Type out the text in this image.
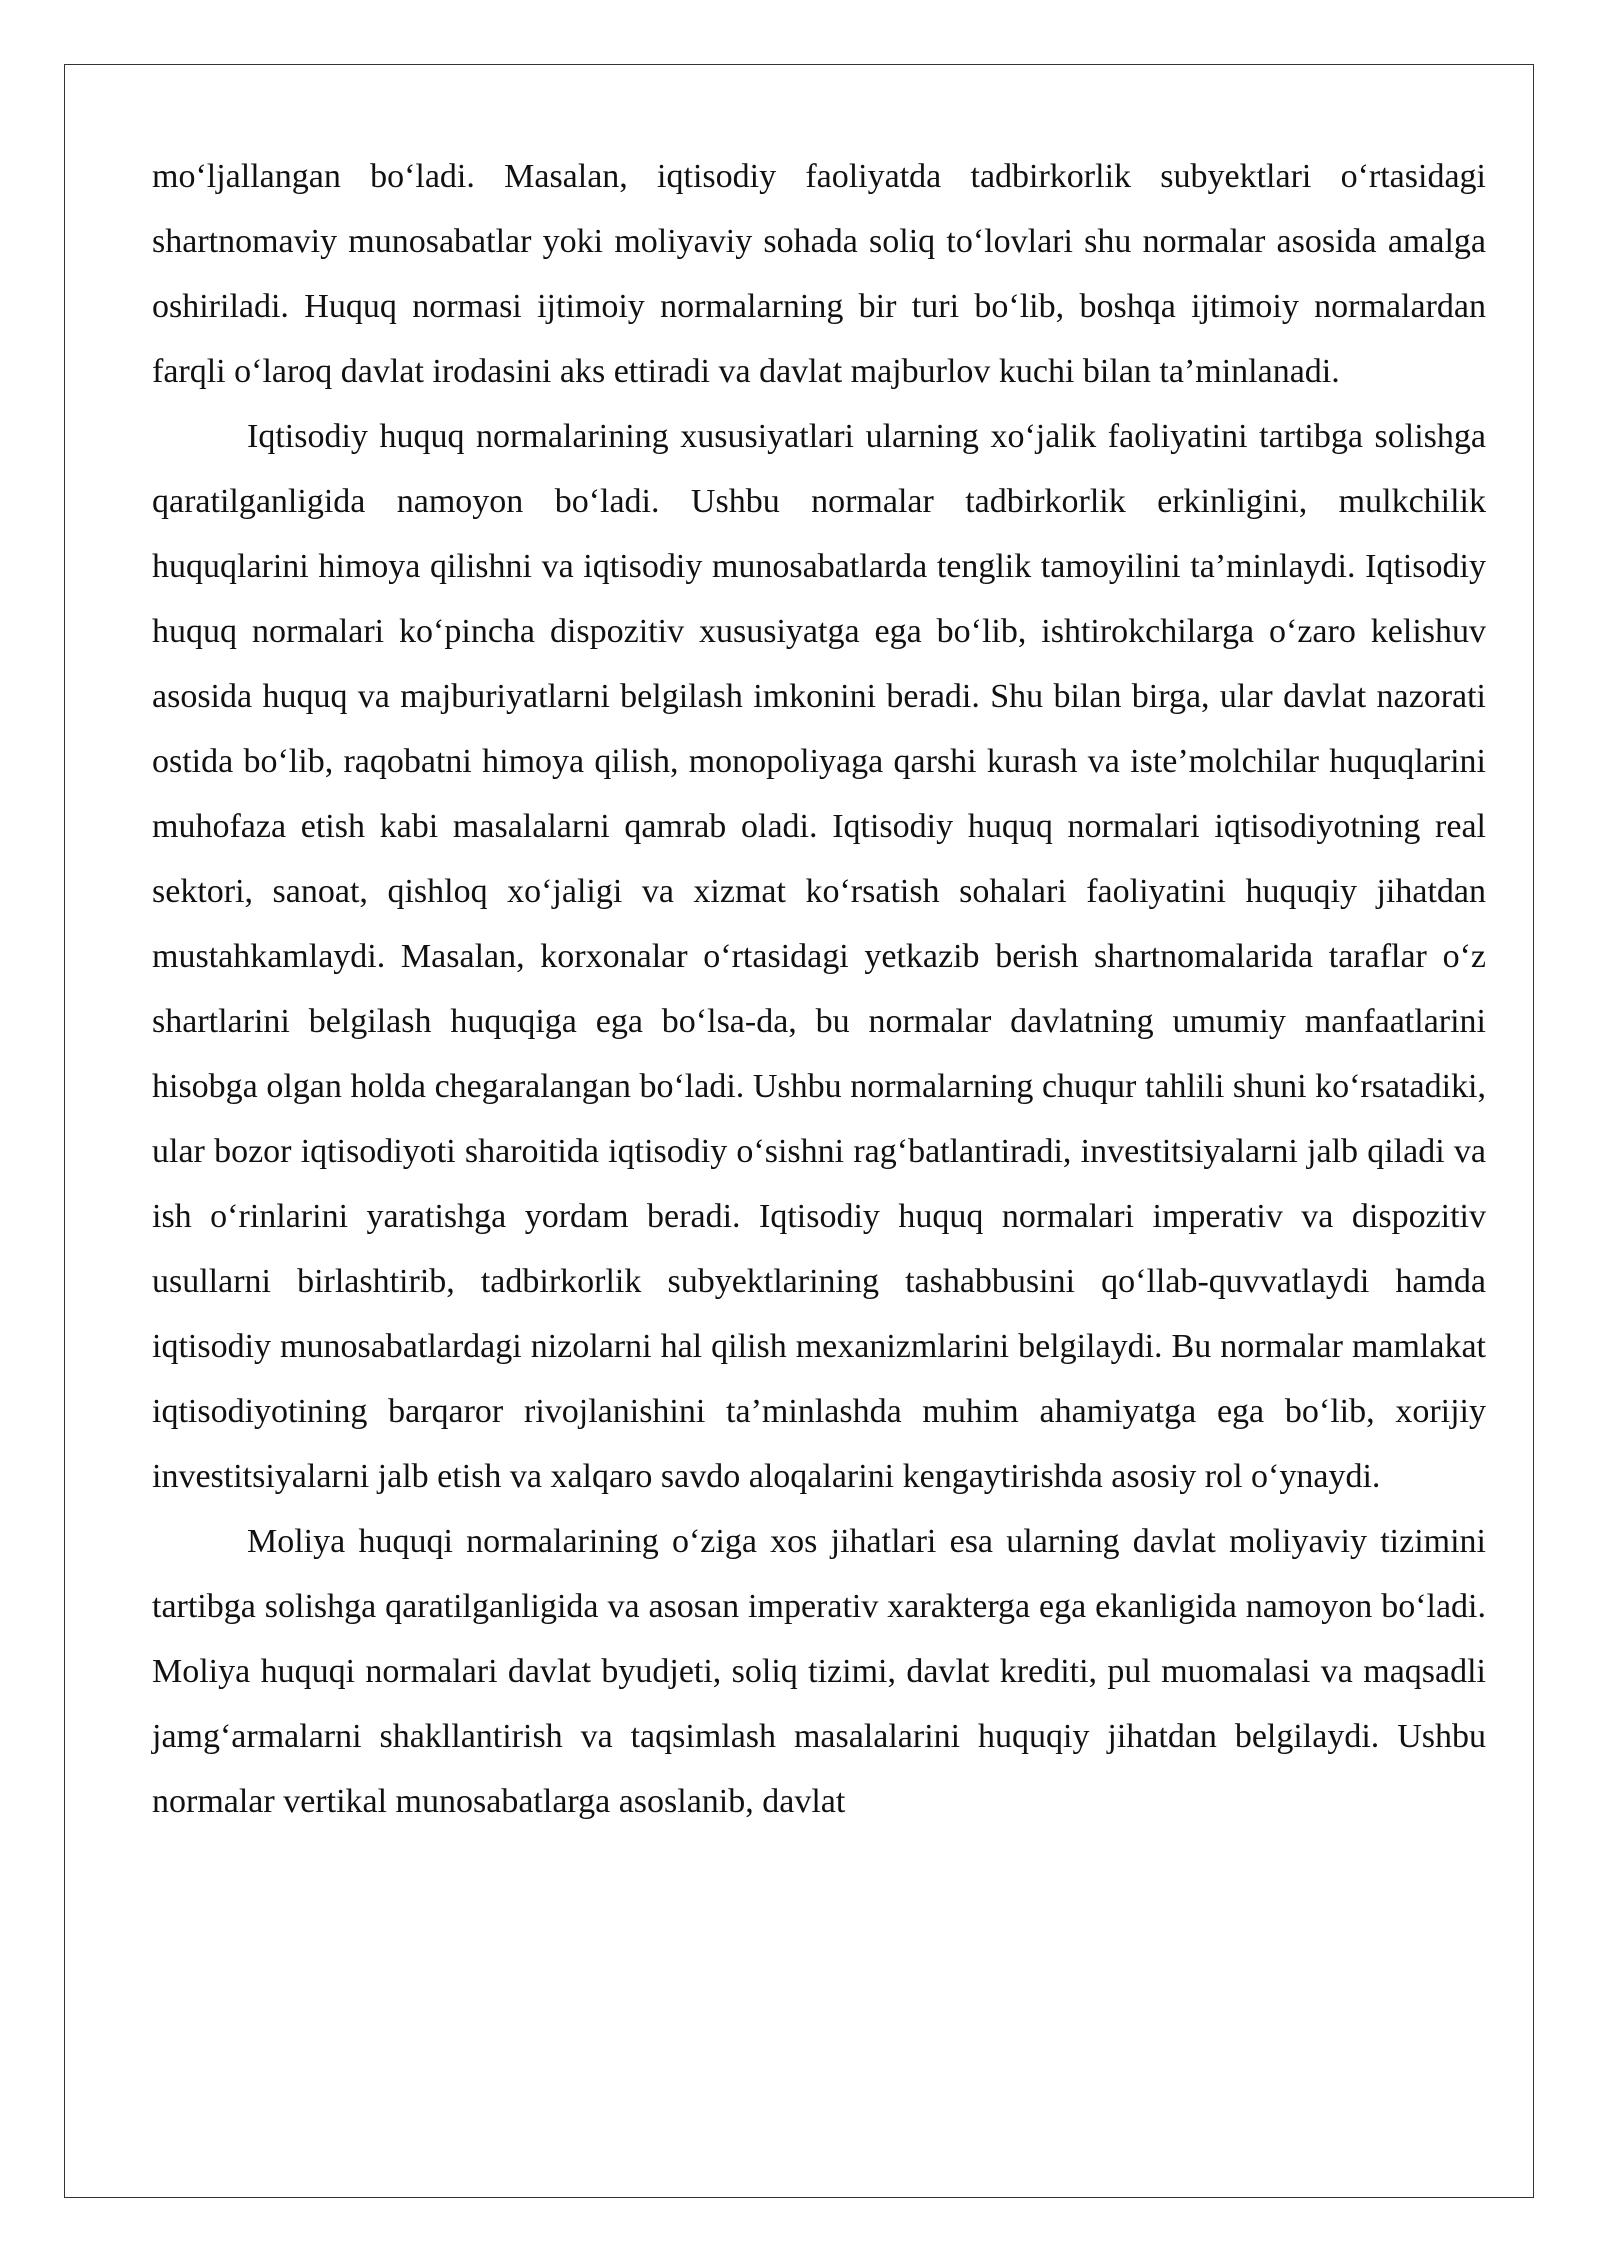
mo‘ljallangan bo‘ladi. Masalan, iqtisodiy faoliyatda tadbirkorlik subyektlari o‘rtasidagi shartnomaviy munosabatlar yoki moliyaviy sohada soliq to‘lovlari shu normalar asosida amalga oshiriladi. Huquq normasi ijtimoiy normalarning bir turi bo‘lib, boshqa ijtimoiy normalardan farqli o‘laroq davlat irodasini aks ettiradi va davlat majburlov kuchi bilan ta’minlanadi.

Iqtisodiy huquq normalarining xususiyatlari ularning xo‘jalik faoliyatini tartibga solishga qaratilganligida namoyon bo‘ladi. Ushbu normalar tadbirkorlik erkinligini, mulkchilik huquqlarini himoya qilishni va iqtisodiy munosabatlarda tenglik tamoyilini ta’minlaydi. Iqtisodiy huquq normalari ko‘pincha dispozitiv xususiyatga ega bo‘lib, ishtirokchilarga o‘zaro kelishuv asosida huquq va majburiyatlarni belgilash imkonini beradi. Shu bilan birga, ular davlat nazorati ostida bo‘lib, raqobatni himoya qilish, monopoliyaga qarshi kurash va iste’molchilar huquqlarini muhofaza etish kabi masalalarni qamrab oladi. Iqtisodiy huquq normalari iqtisodiyotning real sektori, sanoat, qishloq xo‘jaligi va xizmat ko‘rsatish sohalari faoliyatini huquqiy jihatdan mustahkamlaydi. Masalan, korxonalar o‘rtasidagi yetkazib berish shartnomalarida taraflar o‘z shartlarini belgilash huquqiga ega bo‘lsa-da, bu normalar davlatning umumiy manfaatlarini hisobga olgan holda chegaralangan bo‘ladi. Ushbu normalarning chuqur tahlili shuni ko‘rsatadiki, ular bozor iqtisodiyoti sharoitida iqtisodiy o‘sishni rag‘batlantiradi, investitsiyalarni jalb qiladi va ish o‘rinlarini yaratishga yordam beradi. Iqtisodiy huquq normalari imperativ va dispozitiv usullarni birlashtirib, tadbirkorlik subyektlarining tashabbusini qo‘llab-quvvatlaydi hamda iqtisodiy munosabatlardagi nizolarni hal qilish mexanizmlarini belgilaydi. Bu normalar mamlakat iqtisodiyotining barqaror rivojlanishini ta’minlashda muhim ahamiyatga ega bo‘lib, xorijiy investitsiyalarni jalb etish va xalqaro savdo aloqalarini kengaytirishda asosiy rol o‘ynaydi.

Moliya huquqi normalarining o‘ziga xos jihatlari esa ularning davlat moliyaviy tizimini tartibga solishga qaratilganligida va asosan imperativ xarakterga ega ekanligida namoyon bo‘ladi. Moliya huquqi normalari davlat byudjeti, soliq tizimi, davlat krediti, pul muomalasi va maqsadli jamg‘armalarni shakllantirish va taqsimlash masalalarini huquqiy jihatdan belgilaydi. Ushbu normalar vertikal munosabatlarga asoslanib, davlat
